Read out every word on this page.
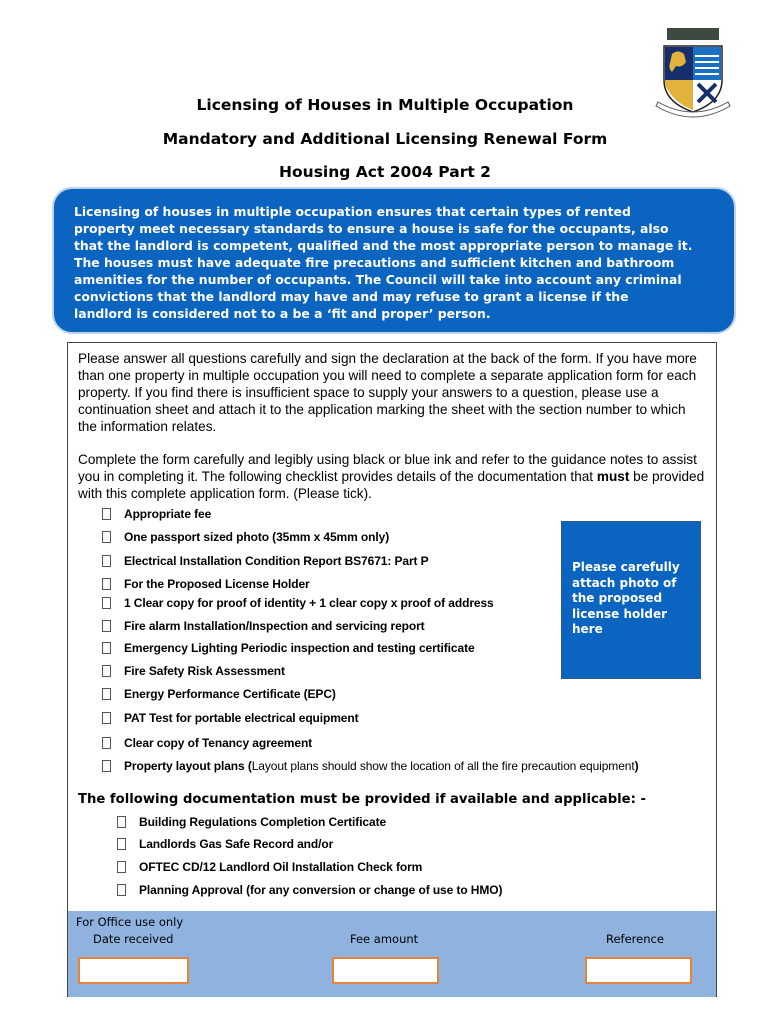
Licensing of Houses in Multiple Occupation
Mandatory and Additional Licensing Renewal Form
Housing Act 2004 Part 2
Licensing of houses in multiple occupation ensures that certain types of rented
property meet necessary standards to ensure a house is safe for the occupants, also
that the landlord is competent, qualified and the most appropriate person to manage it.
The houses must have adequate fire precautions and sufficient kitchen and bathroom
amenities for the number of occupants. The Council will take into account any criminal
convictions that the landlord may have and may refuse to grant a license if the
landlord is considered not to a be a ‘fit and proper’ person.
Please answer all questions carefully and sign the declaration at the back of the form. If you have more than one property in multiple occupation you will need to complete a separate application form for each property. If you find there is insufficient space to supply your answers to a question, please use a continuation sheet and attach it to the application marking the sheet with the section number to which the information relates.
Complete the form carefully and legibly using black or blue ink and refer to the guidance notes to assist you in completing it. The following checklist provides details of the documentation that must be provided with this complete application form. (Please tick).
Appropriate fee
One passport sized photo (35mm x 45mm only)
Electrical Installation Condition Report BS7671: Part P
For the Proposed License Holder
1 Clear copy for proof of identity + 1 clear copy x proof of address
Fire alarm Installation/Inspection and servicing report
Emergency Lighting Periodic inspection and testing certificate
Fire Safety Risk Assessment
Energy Performance Certificate (EPC)
PAT Test for portable electrical equipment
Clear copy of Tenancy agreement
Property layout plans (Layout plans should show the location of all the fire precaution equipment)
Please carefully
attach photo of
the proposed
license holder
here
The following documentation must be provided if available and applicable: -
Building Regulations Completion Certificate
Landlords Gas Safe Record and/or
OFTEC CD/12 Landlord Oil Installation Check form
Planning Approval (for any conversion or change of use to HMO)
For Office use only
Date received	Fee amount	Reference
